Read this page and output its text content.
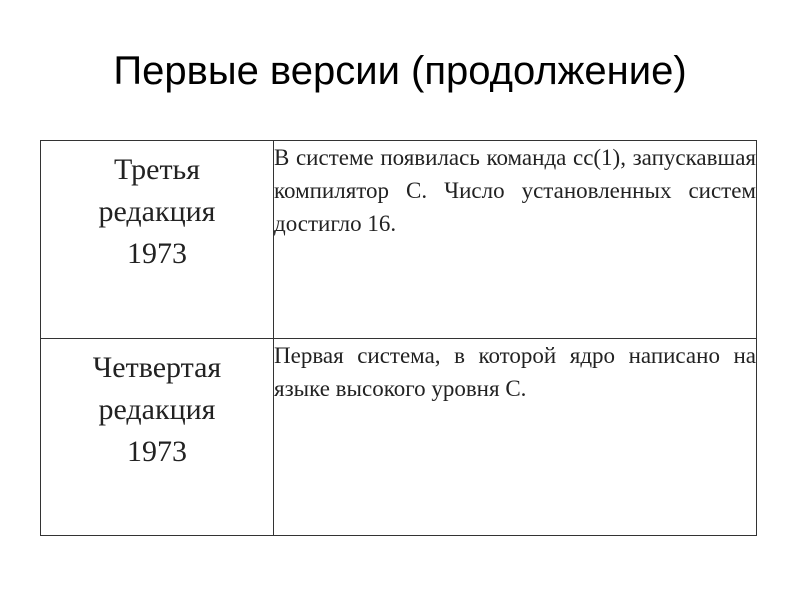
Первые версии (продолжение)
Третья
редакция
1973	В системе появилась команда cc(1), запускавшая компилятор C. Число установленных систем достигло 16.

Четвертая
редакция
1973	Первая система, в которой ядро написано на языке высокого уровня C.
